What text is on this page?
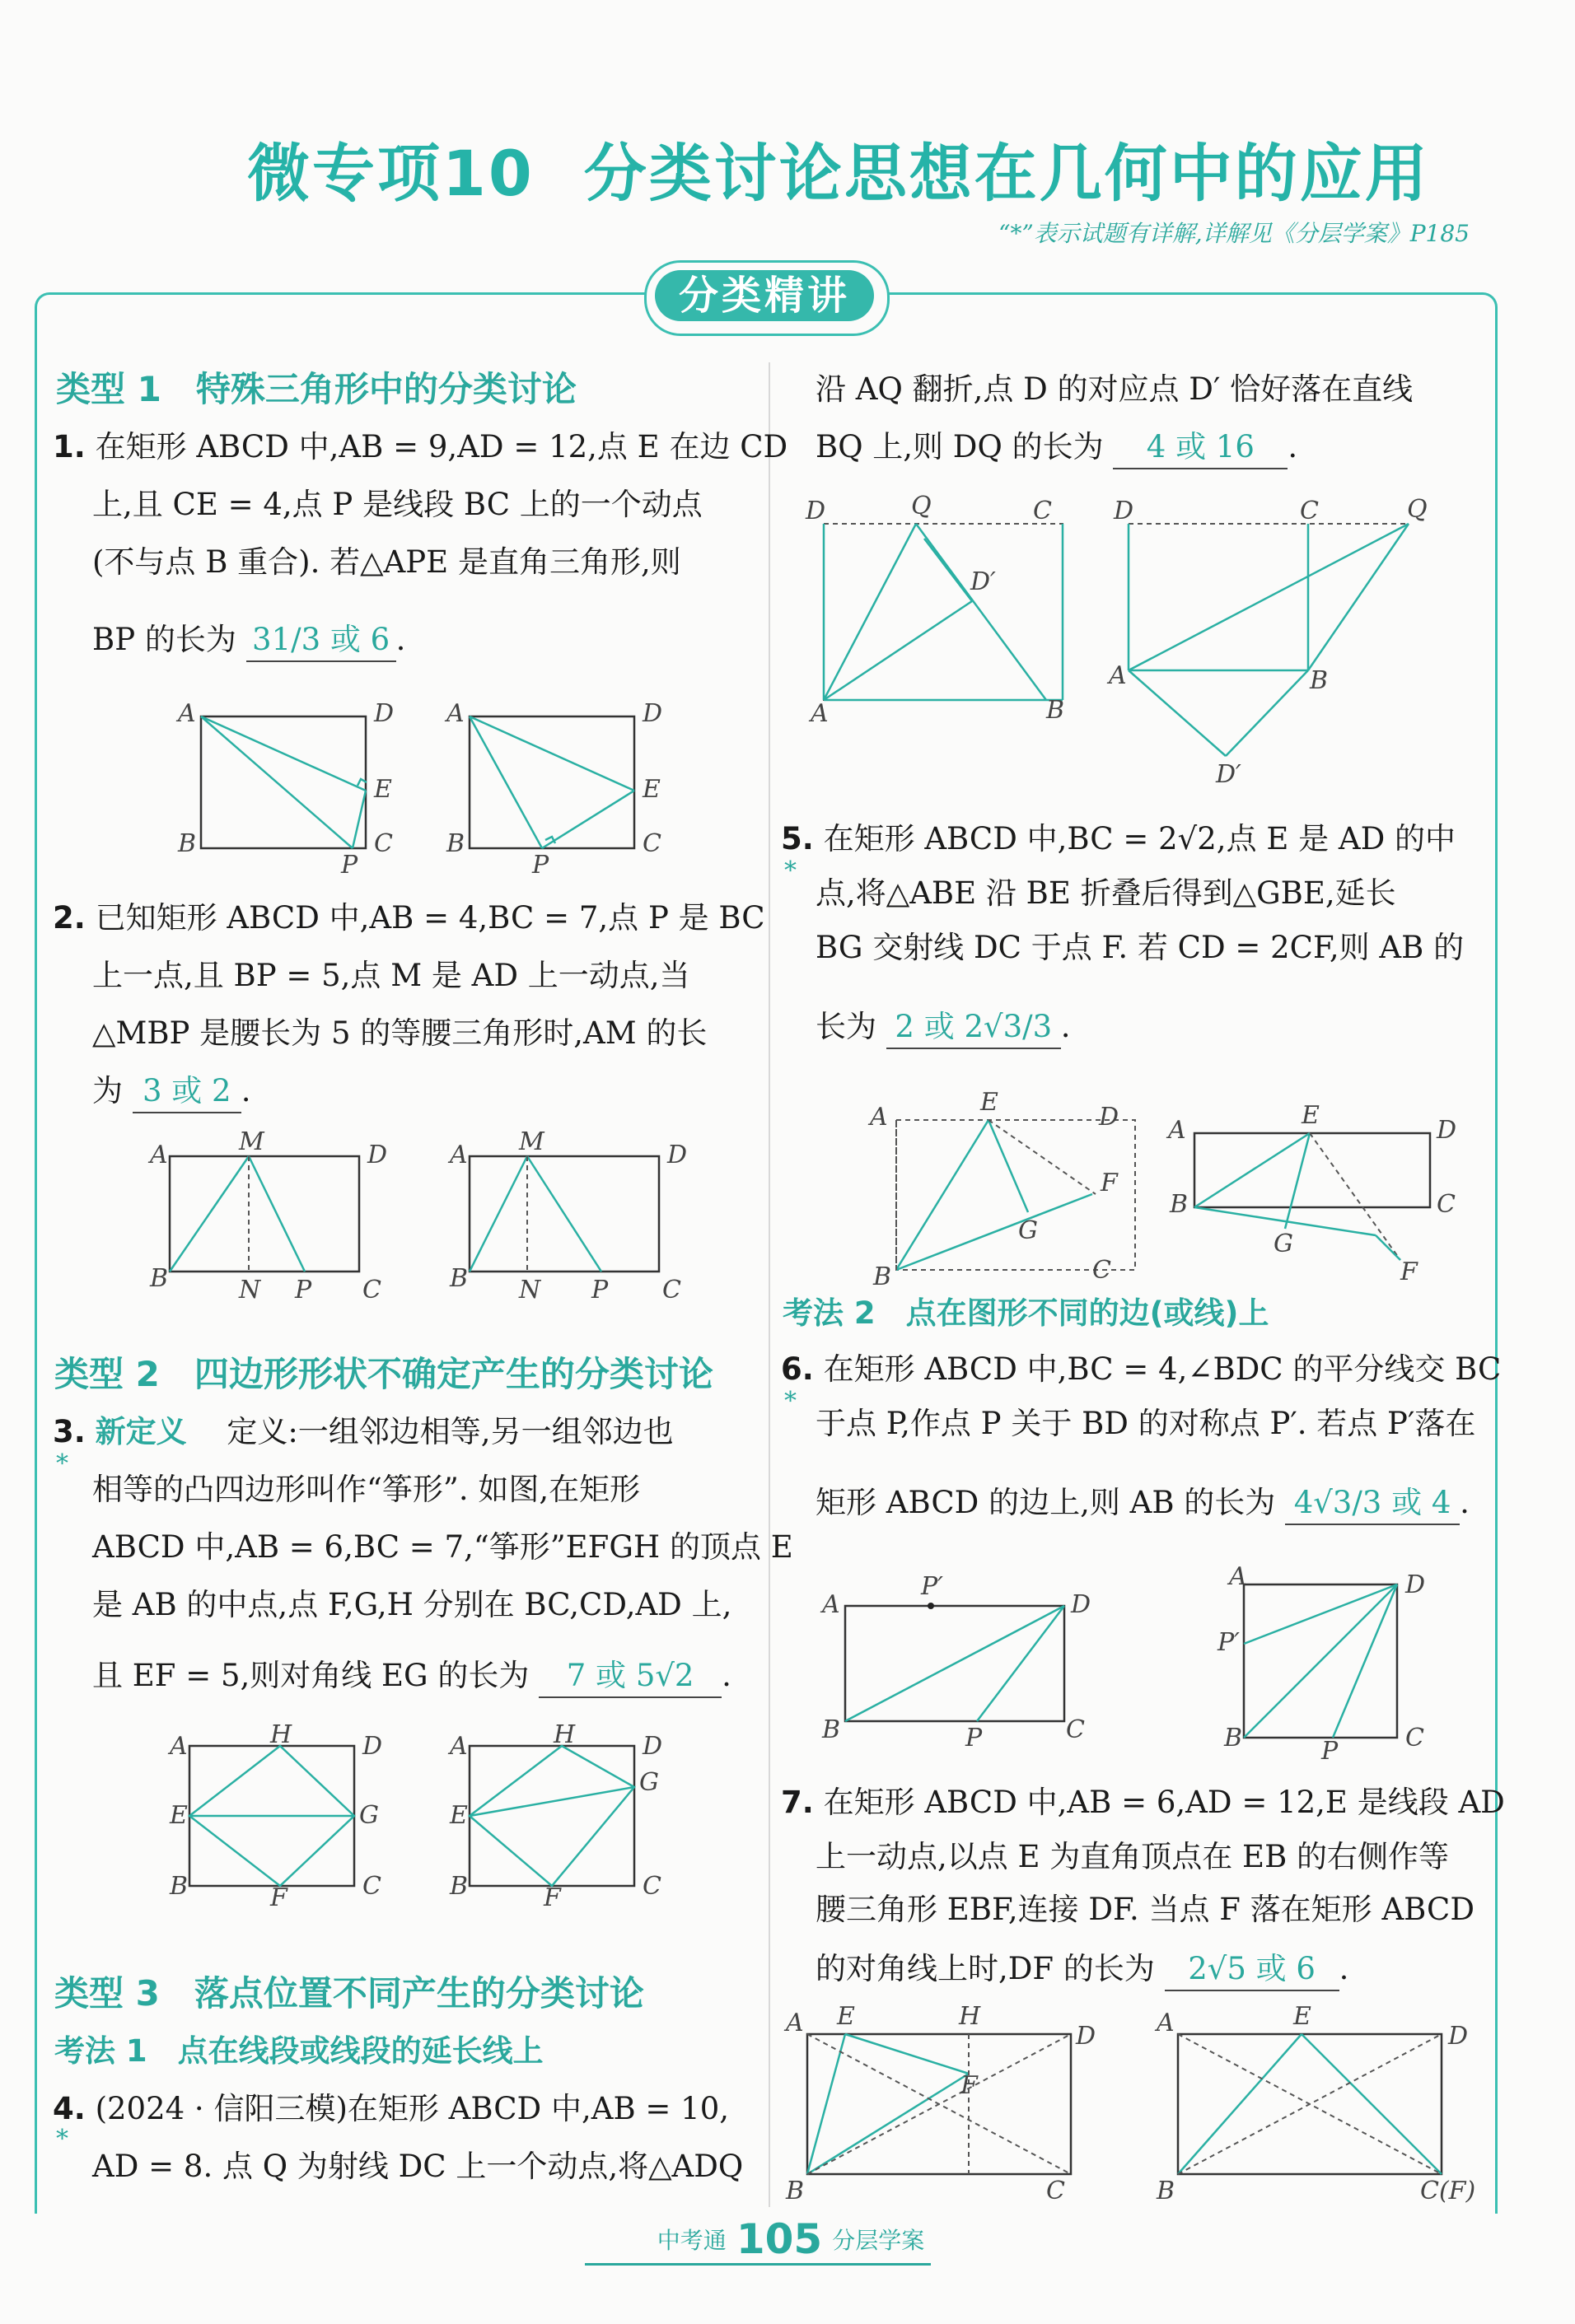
微专项10 分类讨论思想在几何中的应用
“*”表示试题有详解,详解见《分层学案》P185
分类精讲
类型 1　特殊三角形中的分类讨论
1. 在矩形 ABCD 中,AB = 9,AD = 12,点 E 在边 CD
上,且 CE = 4,点 P 是线段 BC 上的一个动点
(不与点 B 重合). 若△APE 是直角三角形,则
BP 的长为 31/3 或 6 .
A	D
E
B
P
C
A	D
E
B
P
C
2. 已知矩形 ABCD 中,AB = 4,BC = 7,点 P 是 BC
上一点,且 BP = 5,点 M 是 AD 上一动点,当
△MBP 是腰长为 5 的等腰三角形时,AM 的长
为 3 或 2 .
A	M	D
B	N P C
A M	D
B N P C
类型 2　四边形形状不确定产生的分类讨论
3. 新定义　 定义:一组邻边相等,另一组邻边也
*
相等的凸四边形叫作“筝形”. 如图,在矩形
ABCD 中,AB = 6,BC = 7,“筝形”EFGH 的顶点 E
是 AB 的中点,点 F,G,H 分别在 BC,CD,AD 上,
且 EF = 5,则对角线 EG 的长为 7 或 5√2 .
A	H	D
E	G
B	F	C
A	H	D
E
G
B	F	C
类型 3　落点位置不同产生的分类讨论
考法 1　点在线段或线段的延长线上
4. (2024 · 信阳三模)在矩形 ABCD 中,AB = 10,
*
AD = 8. 点 Q 为射线 DC 上一个动点,将△ADQ
沿 AQ 翻折,点 D 的对应点 D′ 恰好落在直线
BQ 上,则 DQ 的长为 4 或 16 .
D	Q	C
D′
A	B
D	C	Q
A	B
D′
5. 在矩形 ABCD 中,BC = 2√2,点 E 是 AD 的中
*
点,将△ABE 沿 BE 折叠后得到△GBE,延长
BG 交射线 DC 于点 F. 若 CD = 2CF,则 AB 的
长为 2 或 2√3/3 .
A
E
D
F
G
B	C
A
E
D
B	C
G
F
考法 2　点在图形不同的边(或线)上
6. 在矩形 ABCD 中,BC = 4,∠BDC 的平分线交 BC
*
于点 P,作点 P 关于 BD 的对称点 P′. 若点 P′落在
矩形 ABCD 的边上,则 AB 的长为 4√3/3 或 4 .
A
P′
D
B	P	C
A	D
P′
B	P	C
7. 在矩形 ABCD 中,AB = 6,AD = 12,E 是线段 AD
上一动点,以点 E 为直角顶点在 EB 的右侧作等
腰三角形 EBF,连接 DF. 当点 F 落在矩形 ABCD
的对角线上时,DF 的长为 2√5 或 6 .
A E	H
D
F
B	C
A	E
D
B	C(F)
中考通 105 分层学案
